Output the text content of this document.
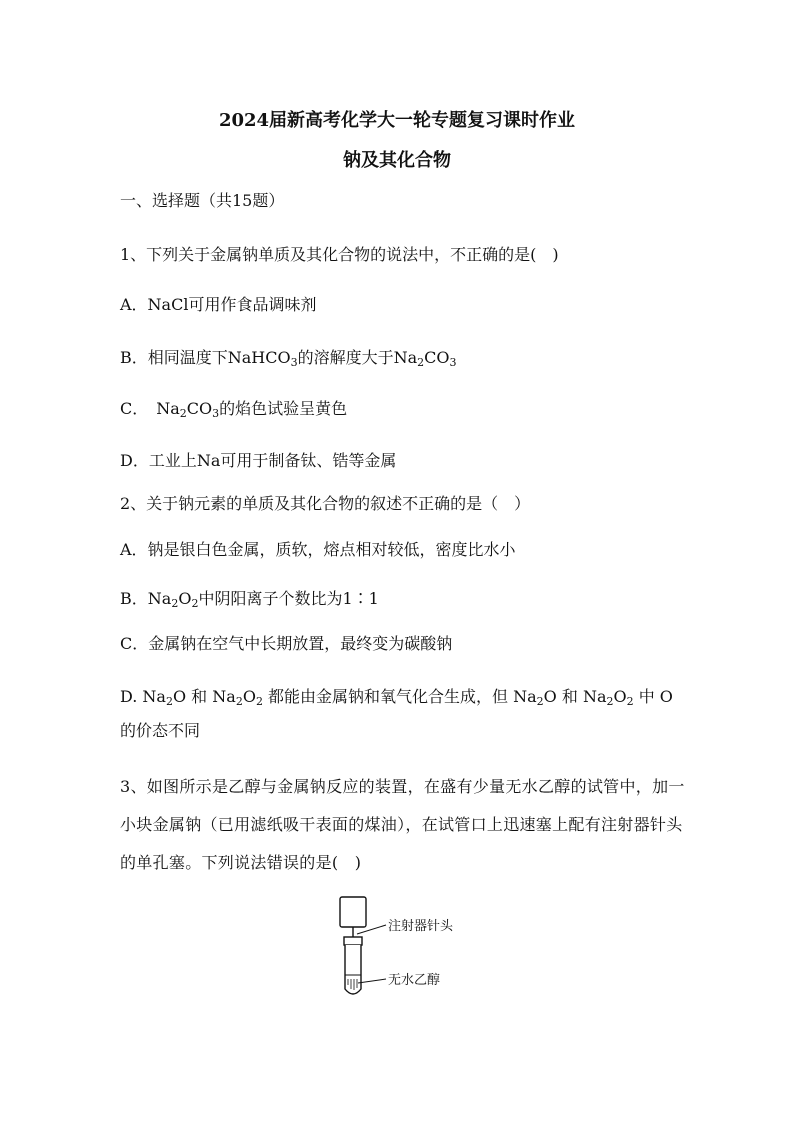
2024届新高考化学大一轮专题复习课时作业
钠及其化合物
一、选择题（共15题）
1、下列关于金属钠单质及其化合物的说法中，不正确的是(　)
A．NaCl可用作食品调味剂
B．相同温度下NaHCO$_3$的溶解度大于$Na_2CO_3$
C．　$Na_2CO_3$的焰色试验呈黄色
D．工业上Na可用于制备钛、锆等金属
2、关于钠元素的单质及其化合物的叙述不正确的是（　）
A．钠是银白色金属，质软，熔点相对较低，密度比水小
B．$Na_2O_2$中阴阳离子个数比为1∶1
C．金属钠在空气中长期放置，最终变为碳酸钠
D. $Na_2O$ 和 $Na_2O_2$ 都能由金属钠和氧气化合生成，但 $Na_2O$ 和 $Na_2O_2$ 中 O 的价态不同
3、如图所示是乙醇与金属钠反应的装置，在盛有少量无水乙醇的试管中，加一小块金属钠（已用滤纸吸干表面的煤油），在试管口上迅速塞上配有注射器针头的单孔塞。下列说法错误的是(　)
注射器针头
无水乙醇
